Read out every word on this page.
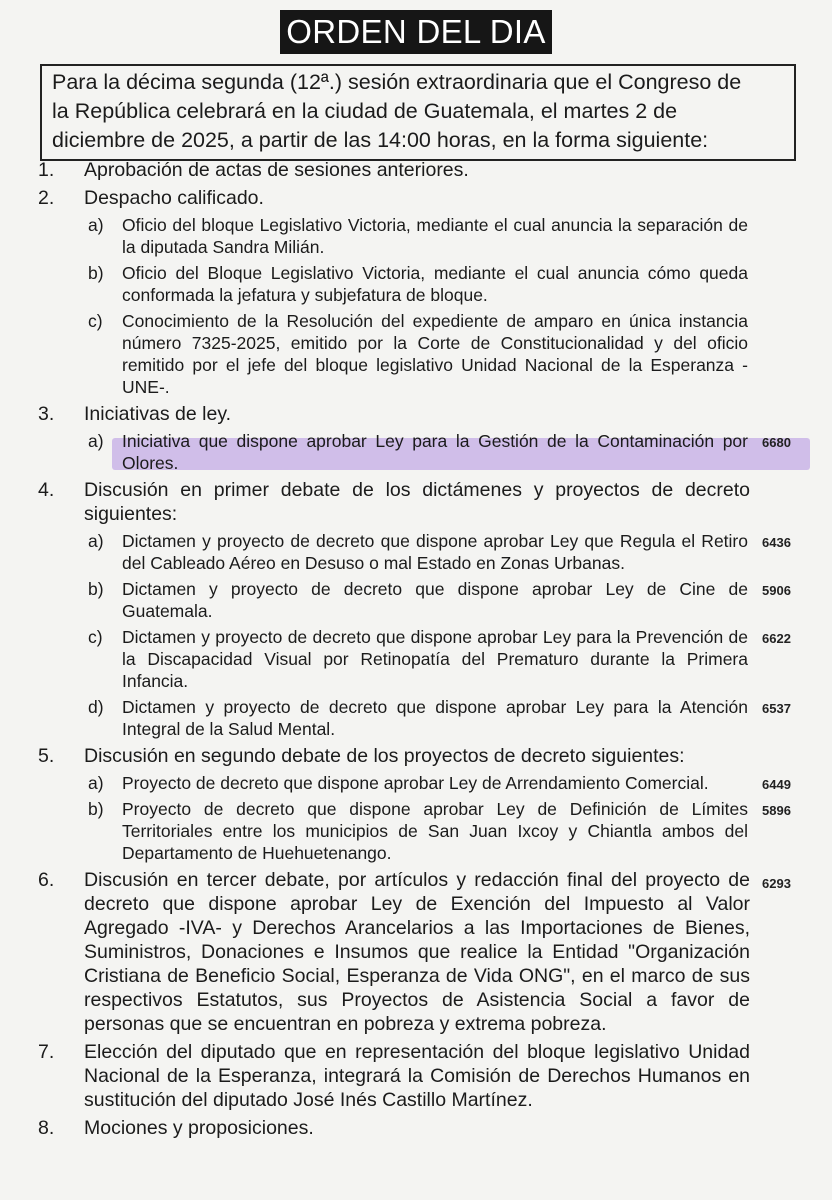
ORDEN DEL DIA
Para la décima segunda (12ª.) sesión extraordinaria que el Congreso de
la República celebrará en la ciudad de Guatemala, el martes 2 de
diciembre de 2025, a partir de las 14:00 horas, en la forma siguiente:
1. Aprobación de actas de sesiones anteriores.
2. Despacho calificado.
a) Oficio del bloque Legislativo Victoria, mediante el cual anuncia la separación de la diputada Sandra Milián.
b) Oficio del Bloque Legislativo Victoria, mediante el cual anuncia cómo queda conformada la jefatura y subjefatura de bloque.
c) Conocimiento de la Resolución del expediente de amparo en única instancia número 7325-2025, emitido por la Corte de Constitucionalidad y del oficio remitido por el jefe del bloque legislativo Unidad Nacional de la Esperanza -UNE-.
3. Iniciativas de ley.
a) Iniciativa que dispone aprobar Ley para la Gestión de la Contaminación por Olores.
6680
4. Discusión en primer debate de los dictámenes y proyectos de decreto siguientes:
a) Dictamen y proyecto de decreto que dispone aprobar Ley que Regula el Retiro del Cableado Aéreo en Desuso o mal Estado en Zonas Urbanas.
6436
b) Dictamen y proyecto de decreto que dispone aprobar Ley de Cine de Guatemala.
5906
c) Dictamen y proyecto de decreto que dispone aprobar Ley para la Prevención de la Discapacidad Visual por Retinopatía del Prematuro durante la Primera Infancia.
6622
d) Dictamen y proyecto de decreto que dispone aprobar Ley para la Atención Integral de la Salud Mental.
6537
5. Discusión en segundo debate de los proyectos de decreto siguientes:
a) Proyecto de decreto que dispone aprobar Ley de Arrendamiento Comercial.	6449
b) Proyecto de decreto que dispone aprobar Ley de Definición de Límites Territoriales entre los municipios de San Juan Ixcoy y Chiantla ambos del Departamento de Huehuetenango.
5896
6. Discusión en tercer debate, por artículos y redacción final del proyecto de decreto que dispone aprobar Ley de Exención del Impuesto al Valor Agregado -IVA- y Derechos Arancelarios a las Importaciones de Bienes, Suministros, Donaciones e Insumos que realice la Entidad "Organización Cristiana de Beneficio Social, Esperanza de Vida ONG", en el marco de sus respectivos Estatutos, sus Proyectos de Asistencia Social a favor de personas que se encuentran en pobreza y extrema pobreza.
6293
7. Elección del diputado que en representación del bloque legislativo Unidad Nacional de la Esperanza, integrará la Comisión de Derechos Humanos en sustitución del diputado José Inés Castillo Martínez.
8. Mociones y proposiciones.
